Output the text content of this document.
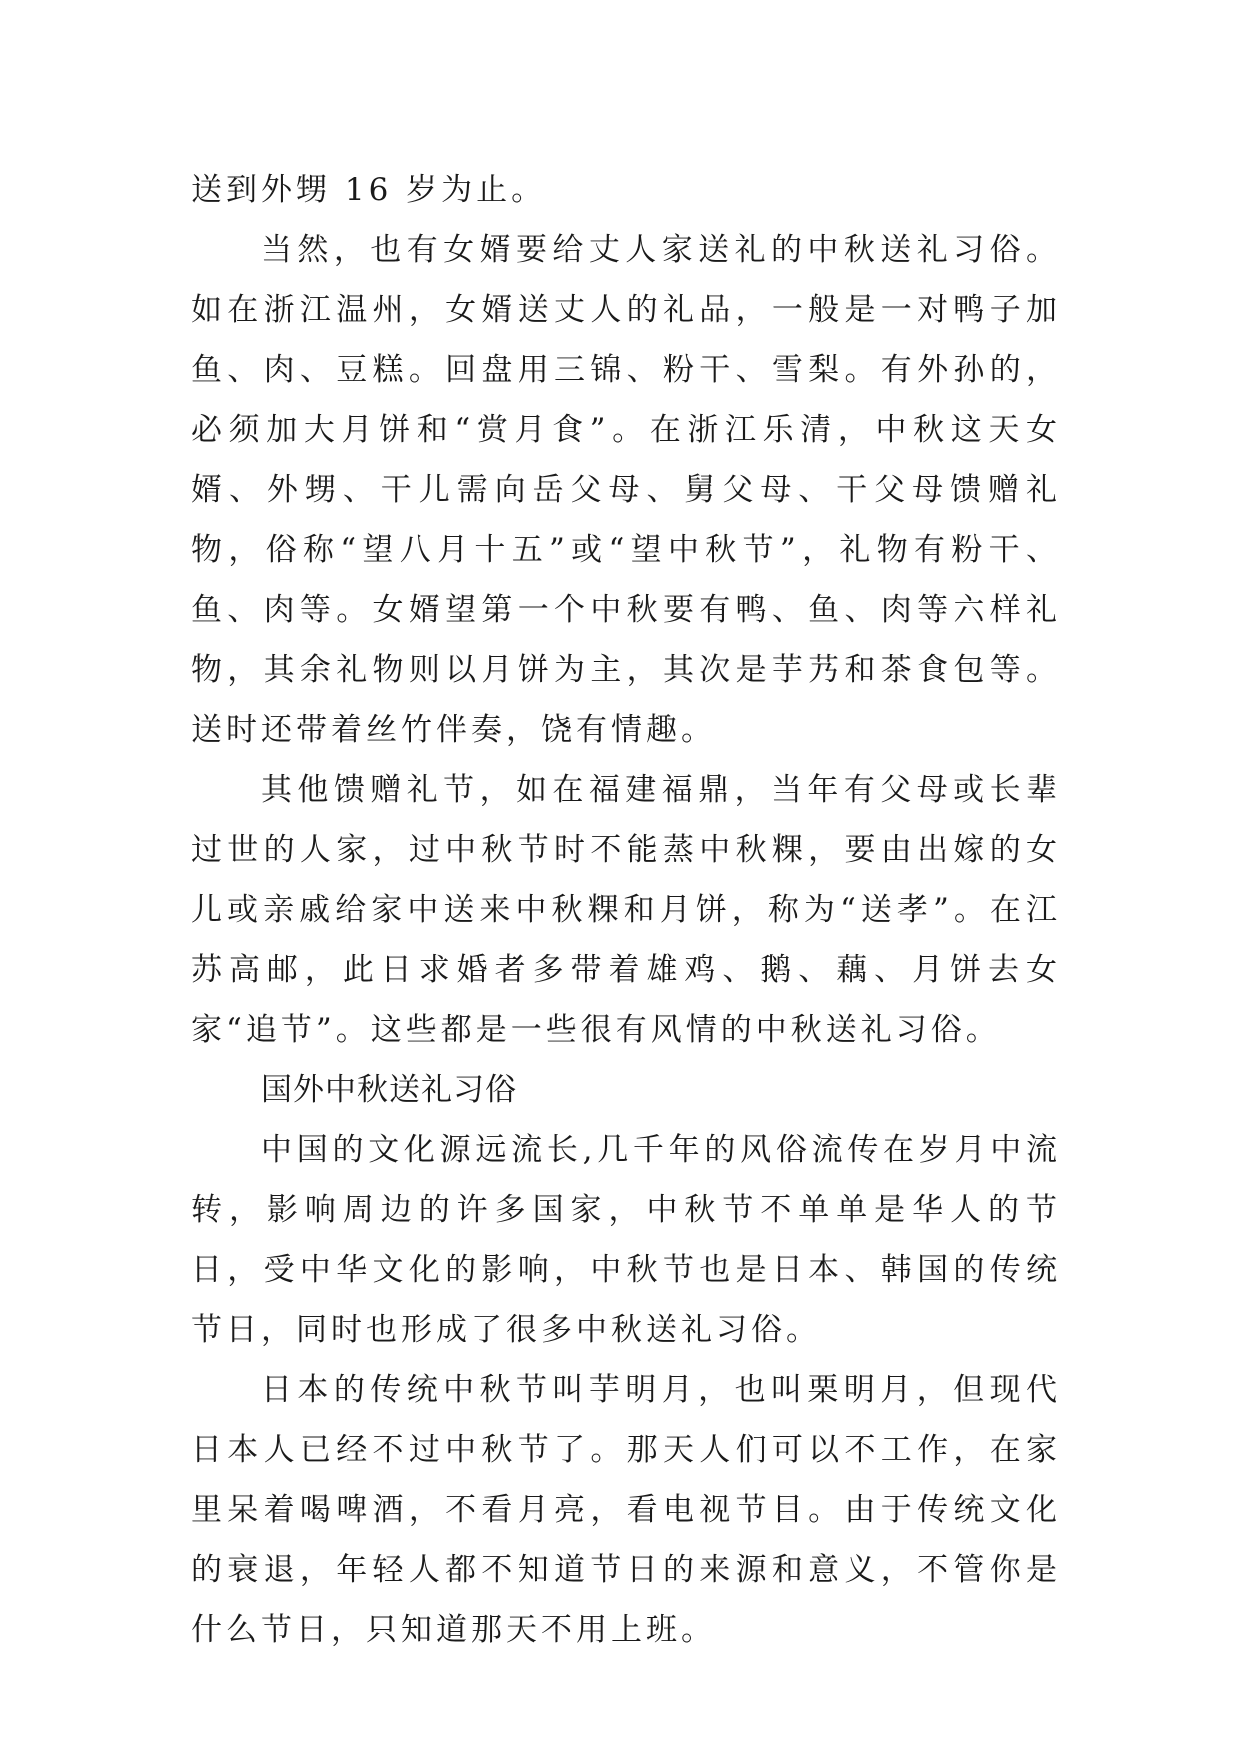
送到外甥 16 岁为止。

当然，也有女婿要给丈人家送礼的中秋送礼习俗。如在浙江温州，女婿送丈人的礼品，一般是一对鸭子加鱼、肉、豆糕。回盘用三锦、粉干、雪梨。有外孙的，必须加大月饼和“赏月食”。在浙江乐清，中秋这天女婿、外甥、干儿需向岳父母、舅父母、干父母馈赠礼物，俗称“望八月十五”或“望中秋节”，礼物有粉干、鱼、肉等。女婿望第一个中秋要有鸭、鱼、肉等六样礼物，其余礼物则以月饼为主，其次是芋艿和茶食包等。送时还带着丝竹伴奏，饶有情趣。

其他馈赠礼节，如在福建福鼎，当年有父母或长辈过世的人家，过中秋节时不能蒸中秋粿，要由出嫁的女儿或亲戚给家中送来中秋粿和月饼，称为“送孝”。在江苏高邮，此日求婚者多带着雄鸡、鹅、藕、月饼去女家“追节”。这些都是一些很有风情的中秋送礼习俗。

国外中秋送礼习俗

中国的文化源远流长,几千年的风俗流传在岁月中流转，影响周边的许多国家，中秋节不单单是华人的节日，受中华文化的影响，中秋节也是日本、韩国的传统节日，同时也形成了很多中秋送礼习俗。

日本的传统中秋节叫芋明月，也叫栗明月，但现代日本人已经不过中秋节了。那天人们可以不工作，在家里呆着喝啤酒，不看月亮，看电视节目。由于传统文化的衰退，年轻人都不知道节日的来源和意义，不管你是什么节日，只知道那天不用上班。
